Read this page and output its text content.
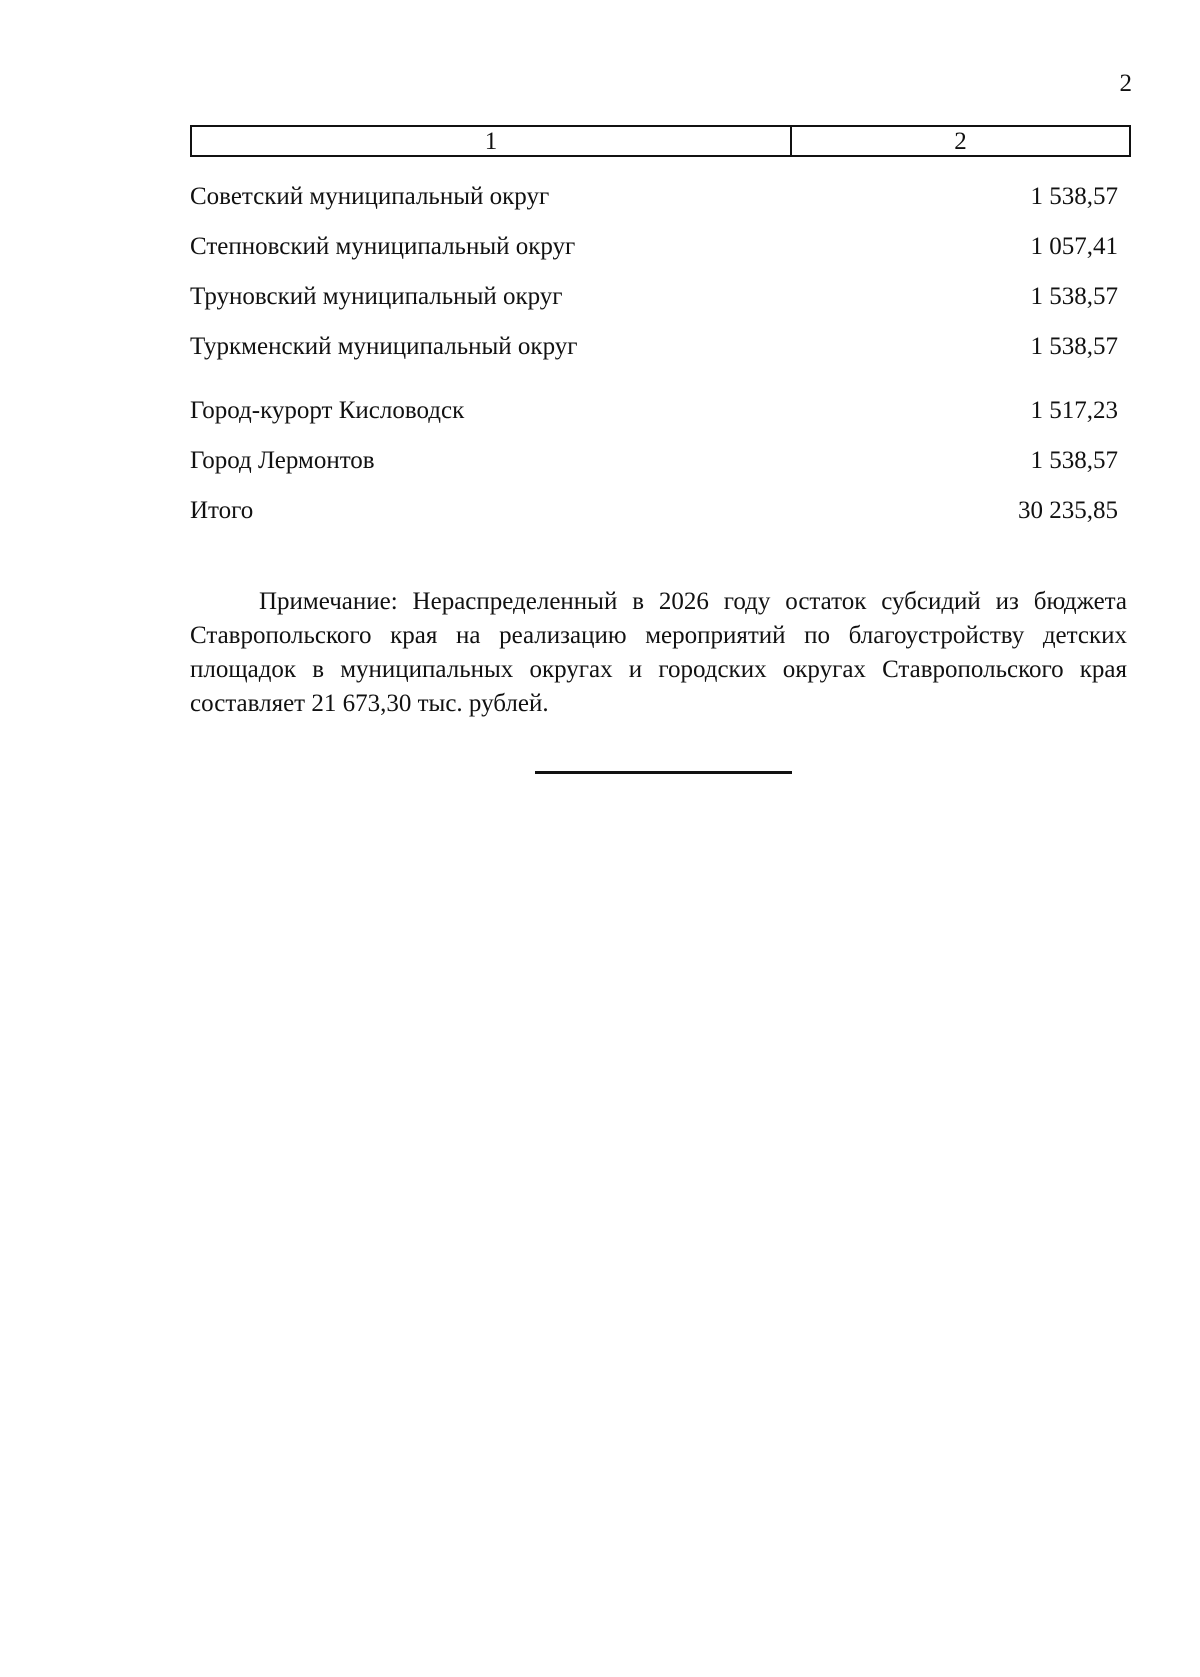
2
1	2
Советский муниципальный округ	1 538,57
Степновский муниципальный округ	1 057,41
Труновский муниципальный округ	1 538,57
Туркменский муниципальный округ	1 538,57
Город-курорт Кисловодск	1 517,23
Город Лермонтов	1 538,57
Итого	30 235,85

Примечание: Нераспределенный в 2026 году остаток субсидий из бюджета Ставропольского края на реализацию мероприятий по благоустройству детских площадок в муниципальных округах и городских округах Ставропольского края составляет 21 673,30 тыс. рублей.
